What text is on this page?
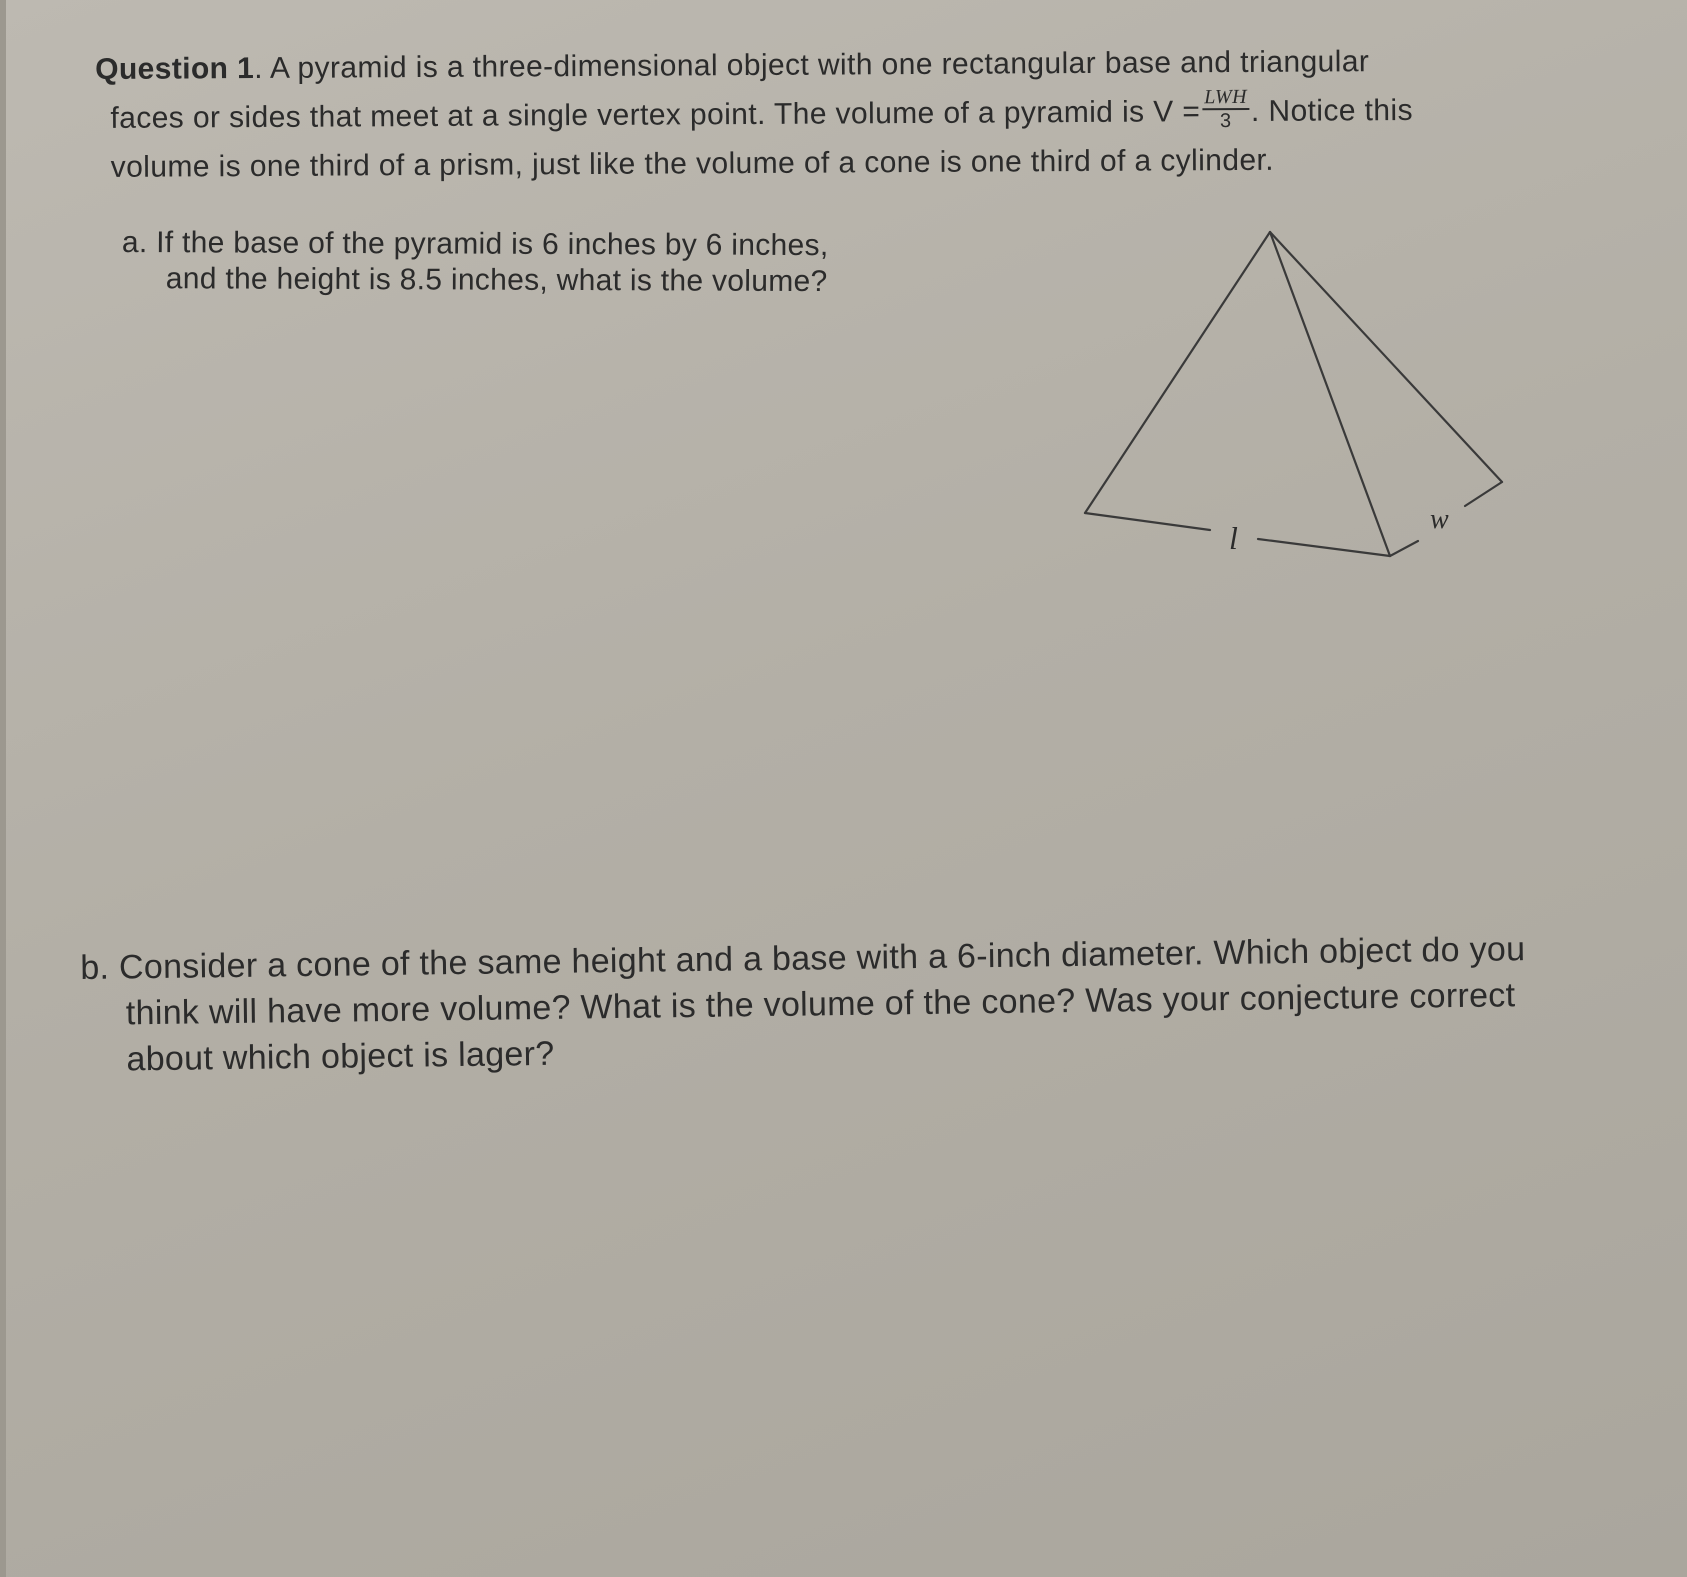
Question 1. A pyramid is a three-dimensional object with one rectangular base and triangular
faces or sides that meet at a single vertex point. The volume of a pyramid is $V = \frac{\text{LWH}}{3}$ . Notice this
volume is one third of a prism, just like the volume of a cone is one third of a cylinder.
a. If the base of the pyramid is 6 inches by 6 inches,
and the height is 8.5 inches, what is the volume?
l
w
b. Consider a cone of the same height and a base with a 6-inch diameter. Which object do you
think will have more volume? What is the volume of the cone? Was your conjecture correct
about which object is lager?
